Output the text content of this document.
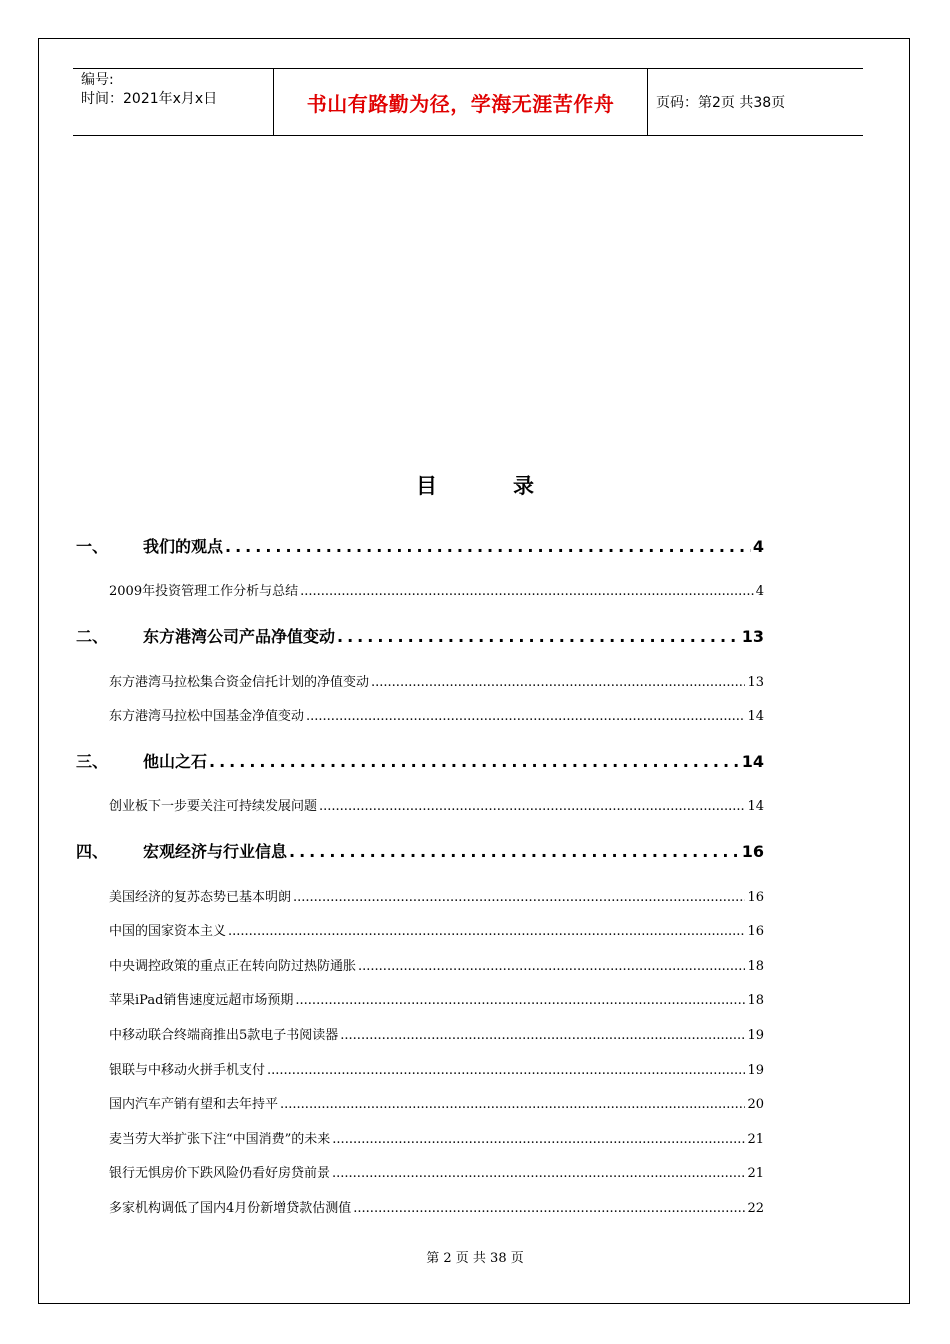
编号:
时间：2021年x月x日	书山有路勤为径，学海无涯苦作舟	页码：第2页 共38页
目	录
一、	我们的观点 .....	4
2009年投资管理工作分析与总结 .....	4
二、	东方港湾公司产品净值变动 .....	13
东方港湾马拉松集合资金信托计划的净值变动 .....	13
东方港湾马拉松中国基金净值变动 .....	14
三、	他山之石 .....	14
创业板下一步要关注可持续发展问题 .....	14
四、	宏观经济与行业信息 .....	16
美国经济的复苏态势已基本明朗 .....	16
中国的国家资本主义 .....	16
中央调控政策的重点正在转向防过热防通胀 .....	18
苹果iPad销售速度远超市场预期 .....	18
中移动联合终端商推出5款电子书阅读器 .....	19
银联与中移动火拼手机支付 .....	19
国内汽车产销有望和去年持平 .....	20
麦当劳大举扩张下注“中国消费”的未来 .....	21
银行无惧房价下跌风险仍看好房贷前景 .....	21
多家机构调低了国内4月份新增贷款估测值 .....	22
第 2 页 共 38 页
